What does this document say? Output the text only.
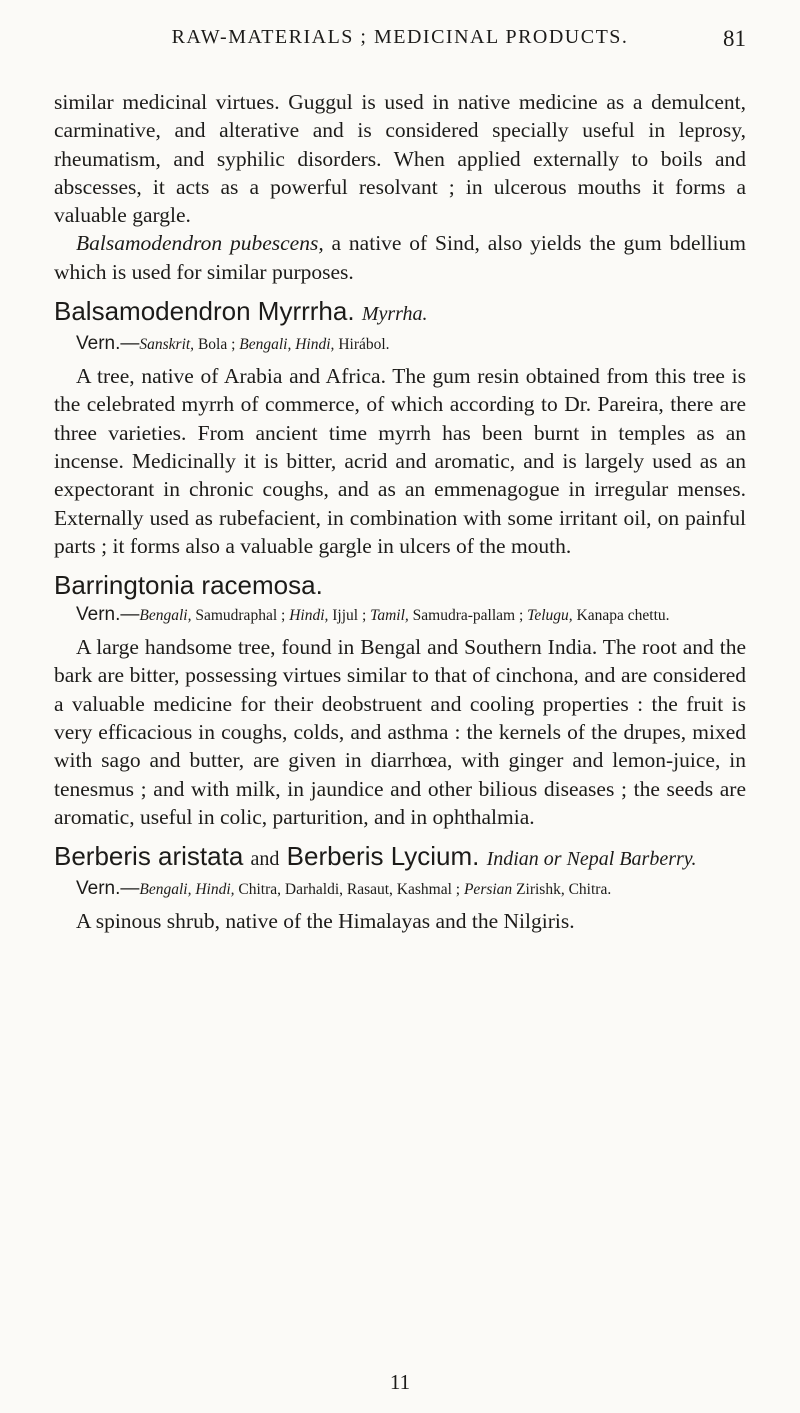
RAW-MATERIALS ; MEDICINAL PRODUCTS.	81

similar medicinal virtues. Guggul is used in native medicine as a demulcent, carminative, and alterative and is considered specially useful in leprosy, rheumatism, and syphilic disorders. When applied externally to boils and abscesses, it acts as a powerful resolvant ; in ulcerous mouths it forms a valuable gargle.

Balsamodendron pubescens, a native of Sind, also yields the gum bdellium which is used for similar purposes.

Balsamodendron Myrrrha. Myrrha.
Vern.—Sanskrit, Bola ; Bengali, Hindi, Hirábol.

A tree, native of Arabia and Africa. The gum resin obtained from this tree is the celebrated myrrh of commerce, of which according to Dr. Pareira, there are three varieties. From ancient time myrrh has been burnt in temples as an incense. Medicinally it is bitter, acrid and aromatic, and is largely used as an expectorant in chronic coughs, and as an emmenagogue in irregular menses. Externally used as rubefacient, in combination with some irritant oil, on painful parts ; it forms also a valuable gargle in ulcers of the mouth.

Barringtonia racemosa.
Vern.—Bengali, Samudraphal ; Hindi, Ijjul ; Tamil, Samudra-pallam ; Telugu, Kanapa chettu.

A large handsome tree, found in Bengal and Southern India. The root and the bark are bitter, possessing virtues similar to that of cinchona, and are considered a valuable medicine for their deobstruent and cooling properties : the fruit is very efficacious in coughs, colds, and asthma : the kernels of the drupes, mixed with sago and butter, are given in diarrhœa, with ginger and lemon-juice, in tenesmus ; and with milk, in jaundice and other bilious diseases ; the seeds are aromatic, useful in colic, parturition, and in ophthalmia.

Berberis aristata and Berberis Lycium. Indian or Nepal Barberry.
Vern.—Bengali, Hindi, Chitra, Darhaldi, Rasaut, Kashmal ; Persian Zirishk, Chitra.

A spinous shrub, native of the Himalayas and the Nilgiris.

11
